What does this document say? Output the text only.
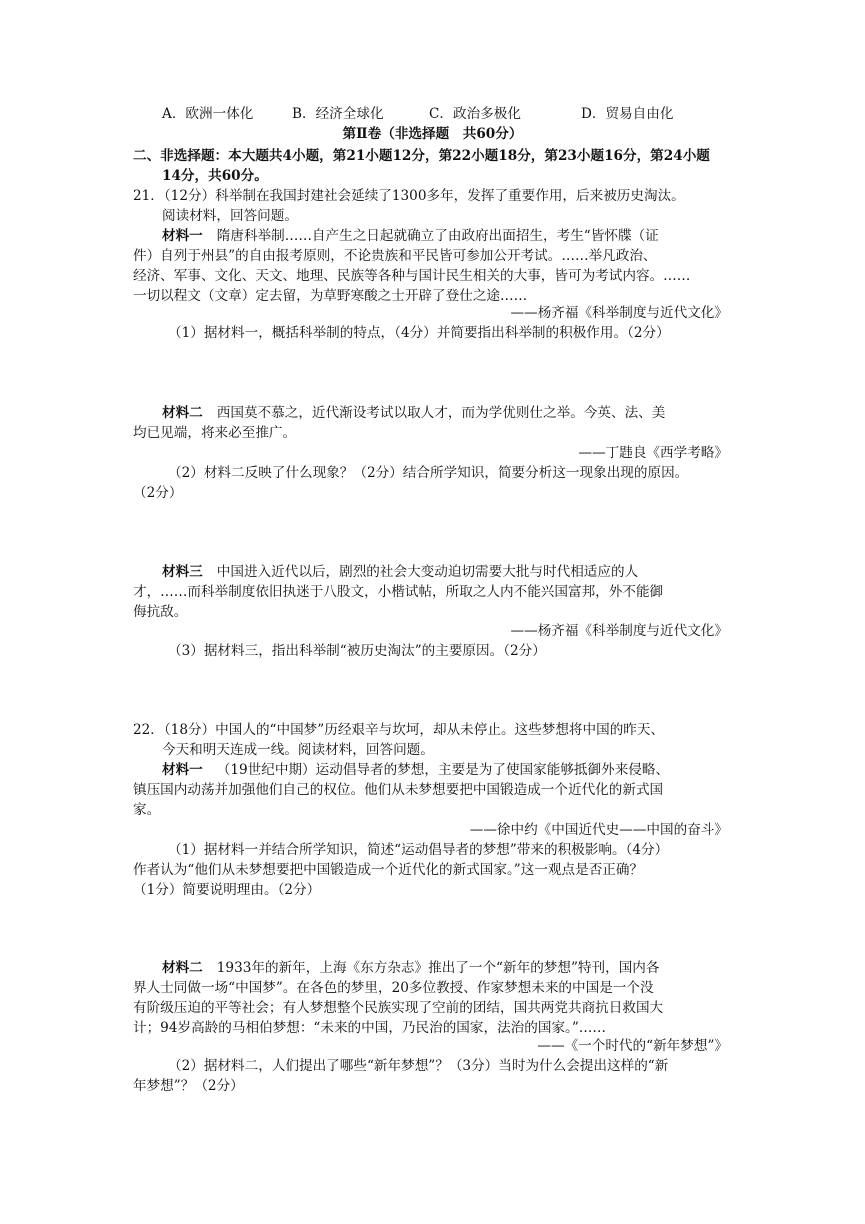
A．欧洲一体化	B．经济全球化	C．政治多极化	D．贸易自由化
第Ⅱ卷（非选择题　共60分）
二、非选择题：本大题共4小题，第21小题12分，第22小题18分，第23小题16分，第24小题
14分，共60分。
21．（12分）科举制在我国封建社会延续了1300多年，发挥了重要作用，后来被历史淘汰。
阅读材料，回答问题。
材料一 隋唐科举制……自产生之日起就确立了由政府出面招生，考生“皆怀牒（证
件）自列于州县”的自由报考原则，不论贵族和平民皆可参加公开考试。……举凡政治、
经济、军事、文化、天文、地理、民族等各种与国计民生相关的大事，皆可为考试内容。……
一切以程文（文章）定去留，为草野寒酸之士开辟了登仕之途……
——杨齐福《科举制度与近代文化》
（1）据材料一，概括科举制的特点，（4分）并简要指出科举制的积极作用。（2分）
材料二 西国莫不慕之，近代渐设考试以取人才，而为学优则仕之举。今英、法、美
均已见端，将来必至推广。
——丁韪良《西学考略》
（2）材料二反映了什么现象？（2分）结合所学知识，简要分析这一现象出现的原因。
（2分）
材料三 中国进入近代以后，剧烈的社会大变动迫切需要大批与时代相适应的人
才，……而科举制度依旧执迷于八股文，小楷试帖，所取之人内不能兴国富邦，外不能御
侮抗敌。
——杨齐福《科举制度与近代文化》
（3）据材料三，指出科举制“被历史淘汰”的主要原因。（2分）
22．（18分）中国人的“中国梦”历经艰辛与坎坷，却从未停止。这些梦想将中国的昨天、
今天和明天连成一线。阅读材料，回答问题。
材料一 （19世纪中期）运动倡导者的梦想，主要是为了使国家能够抵御外来侵略、
镇压国内动荡并加强他们自己的权位。他们从未梦想要把中国锻造成一个近代化的新式国
家。
——徐中约《中国近代史——中国的奋斗》
（1）据材料一并结合所学知识，简述“运动倡导者的梦想”带来的积极影响。（4分）
作者认为“他们从未梦想要把中国锻造成一个近代化的新式国家。”这一观点是否正确？
（1分）简要说明理由。（2分）
材料二 1933年的新年，上海《东方杂志》推出了一个“新年的梦想”特刊，国内各
界人士同做一场“中国梦”。在各色的梦里，20多位教授、作家梦想未来的中国是一个没
有阶级压迫的平等社会；有人梦想整个民族实现了空前的团结，国共两党共商抗日救国大
计；94岁高龄的马相伯梦想：“未来的中国，乃民治的国家，法治的国家。”……
——《一个时代的“新年梦想”》
（2）据材料二，人们提出了哪些“新年梦想”？（3分）当时为什么会提出这样的“新
年梦想”？（2分）
